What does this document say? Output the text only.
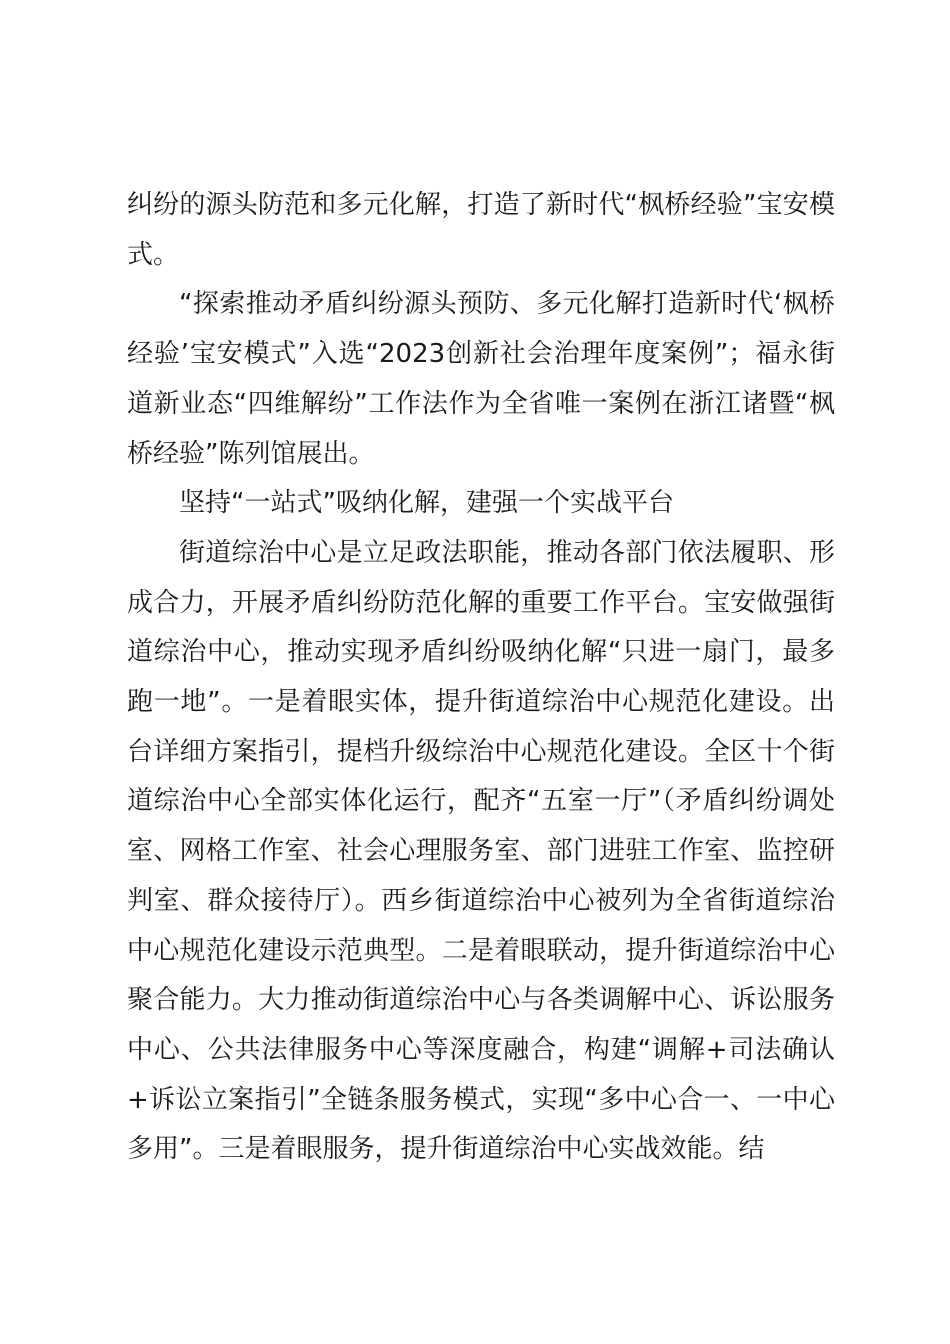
纠纷的源头防范和多元化解，打造了新时代“枫桥经验”宝安模式。

“探索推动矛盾纠纷源头预防、多元化解打造新时代‘枫桥经验’宝安模式”入选“2023创新社会治理年度案例”；福永街道新业态“四维解纷”工作法作为全省唯一案例在浙江诸暨“枫桥经验”陈列馆展出。

坚持“一站式”吸纳化解，建强一个实战平台

街道综治中心是立足政法职能，推动各部门依法履职、形成合力，开展矛盾纠纷防范化解的重要工作平台。宝安做强街道综治中心，推动实现矛盾纠纷吸纳化解“只进一扇门，最多跑一地”。一是着眼实体，提升街道综治中心规范化建设。出台详细方案指引，提档升级综治中心规范化建设。全区十个街道综治中心全部实体化运行，配齐“五室一厅”（矛盾纠纷调处室、网格工作室、社会心理服务室、部门进驻工作室、监控研判室、群众接待厅）。西乡街道综治中心被列为全省街道综治中心规范化建设示范典型。二是着眼联动，提升街道综治中心聚合能力。大力推动街道综治中心与各类调解中心、诉讼服务中心、公共法律服务中心等深度融合，构建“调解+司法确认+诉讼立案指引”全链条服务模式，实现“多中心合一、一中心多用”。三是着眼服务，提升街道综治中心实战效能。结
